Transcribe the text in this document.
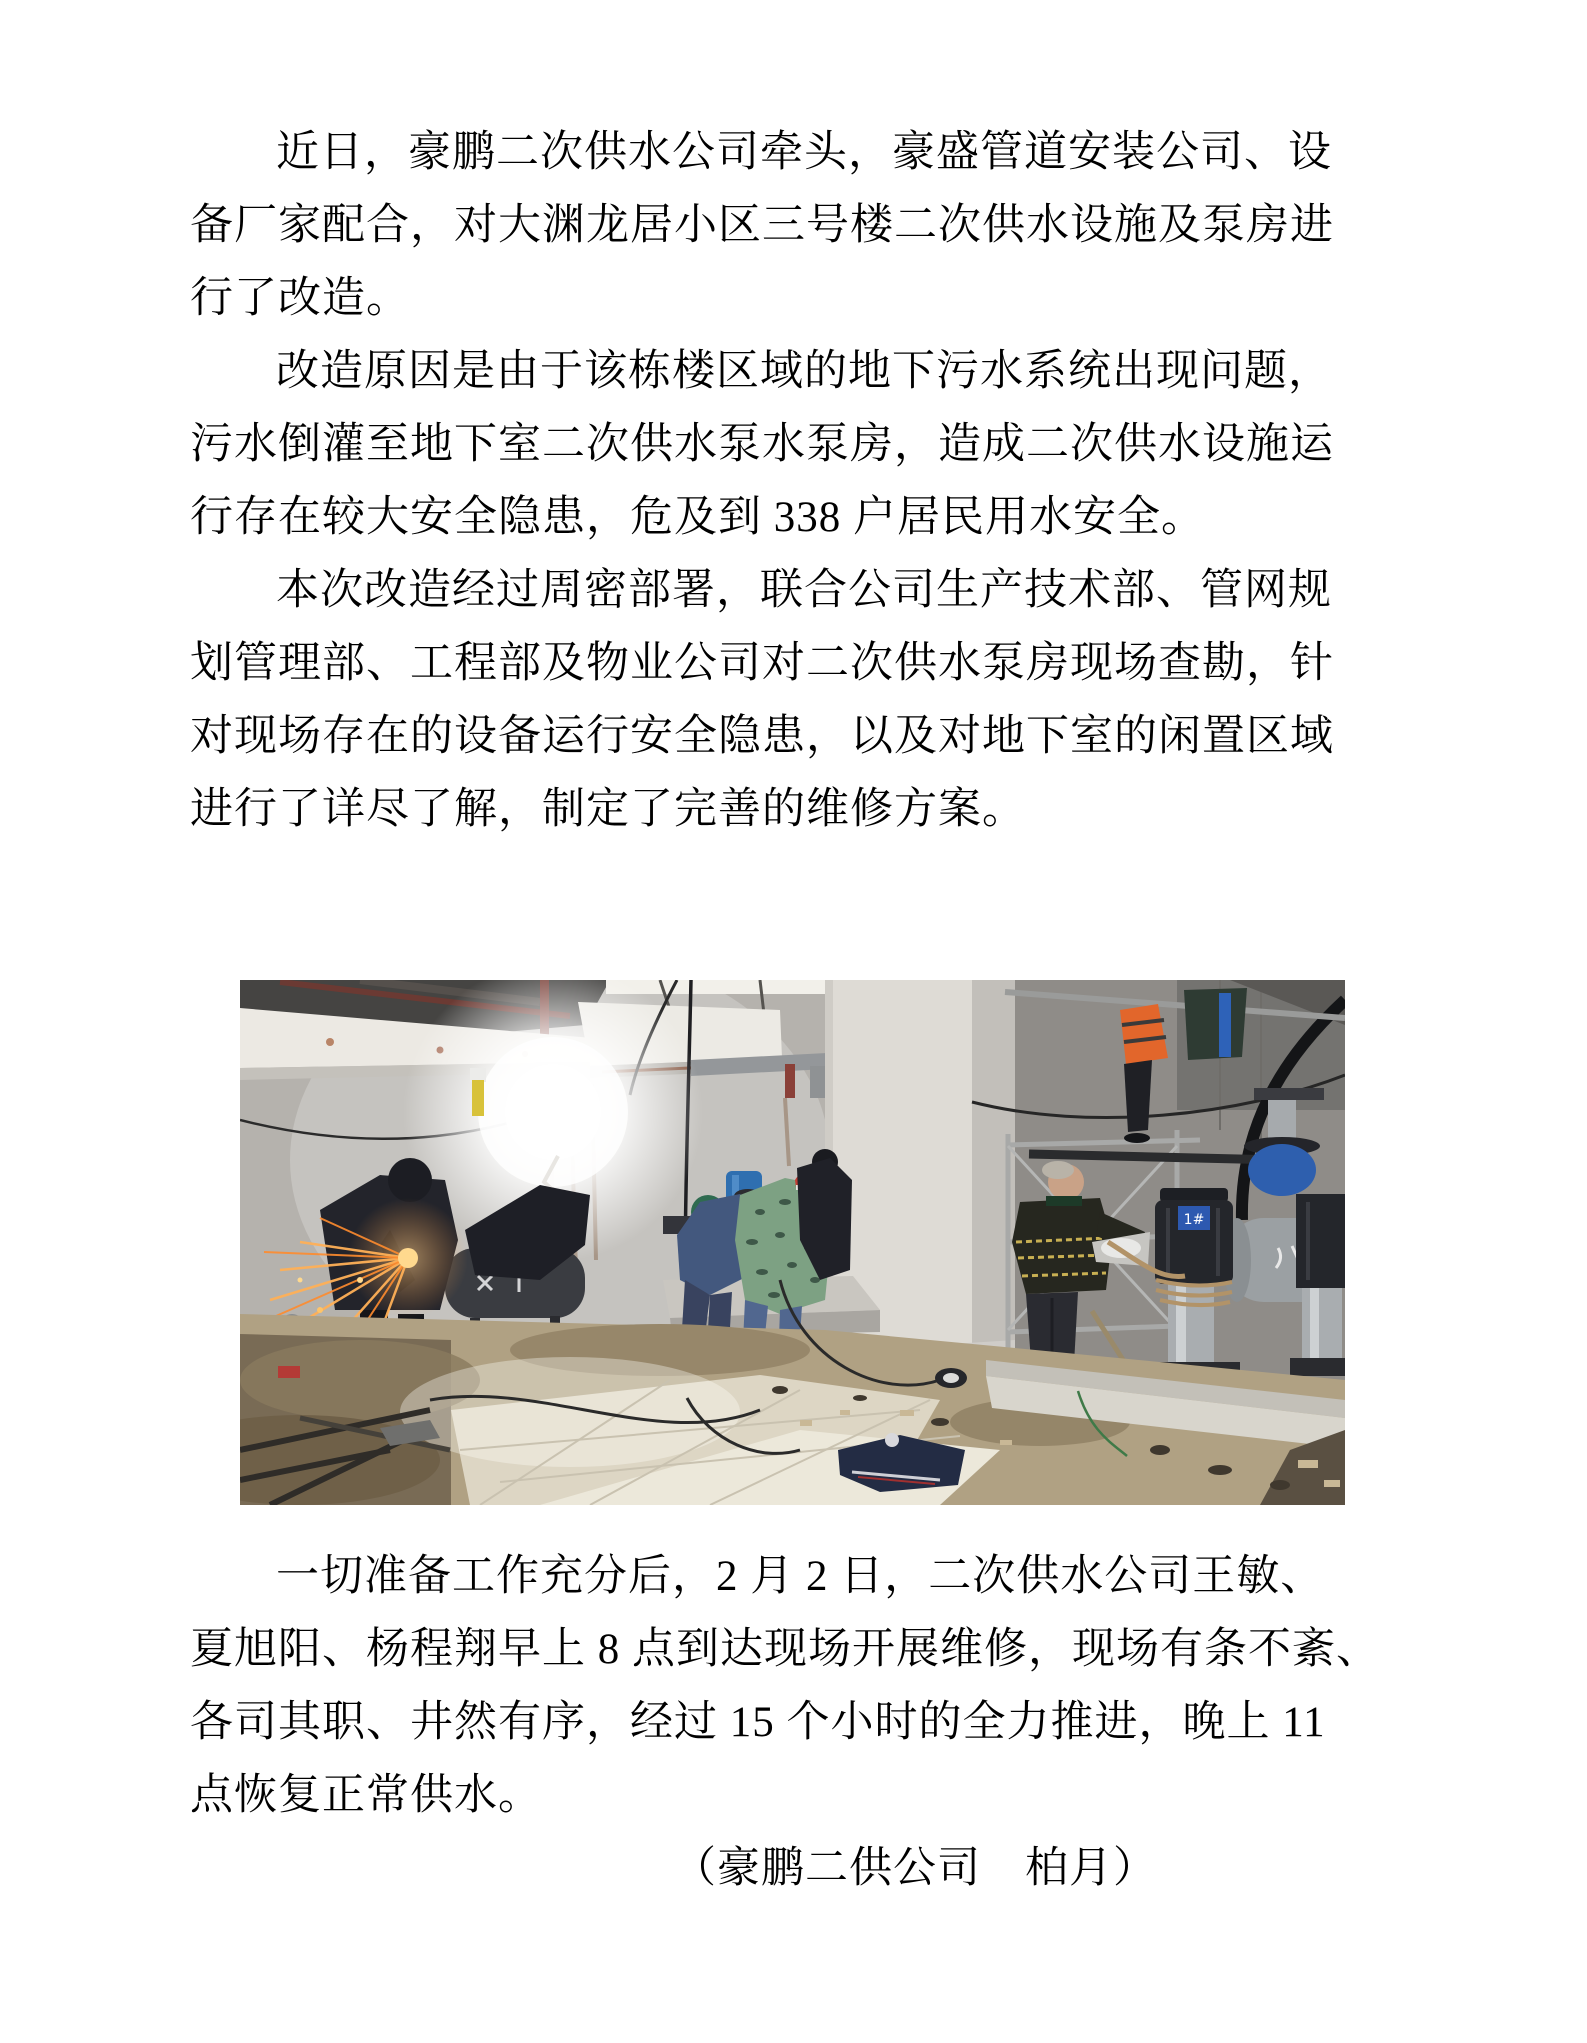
近日，豪鹏二次供水公司牵头，豪盛管道安装公司、设
备厂家配合，对大渊龙居小区三号楼二次供水设施及泵房进
行了改造。
改造原因是由于该栋楼区域的地下污水系统出现问题，
污水倒灌至地下室二次供水泵水泵房，造成二次供水设施运
行存在较大安全隐患，危及到 338 户居民用水安全。
本次改造经过周密部署，联合公司生产技术部、管网规
划管理部、工程部及物业公司对二次供水泵房现场查勘，针
对现场存在的设备运行安全隐患，以及对地下室的闲置区域
进行了详尽了解，制定了完善的维修方案。
1#
一切准备工作充分后，2 月 2 日，二次供水公司王敏、
夏旭阳、杨程翔早上 8 点到达现场开展维修，现场有条不紊、
各司其职、井然有序，经过 15 个小时的全力推进，晚上 11
点恢复正常供水。
（豪鹏二供公司　柏月）
